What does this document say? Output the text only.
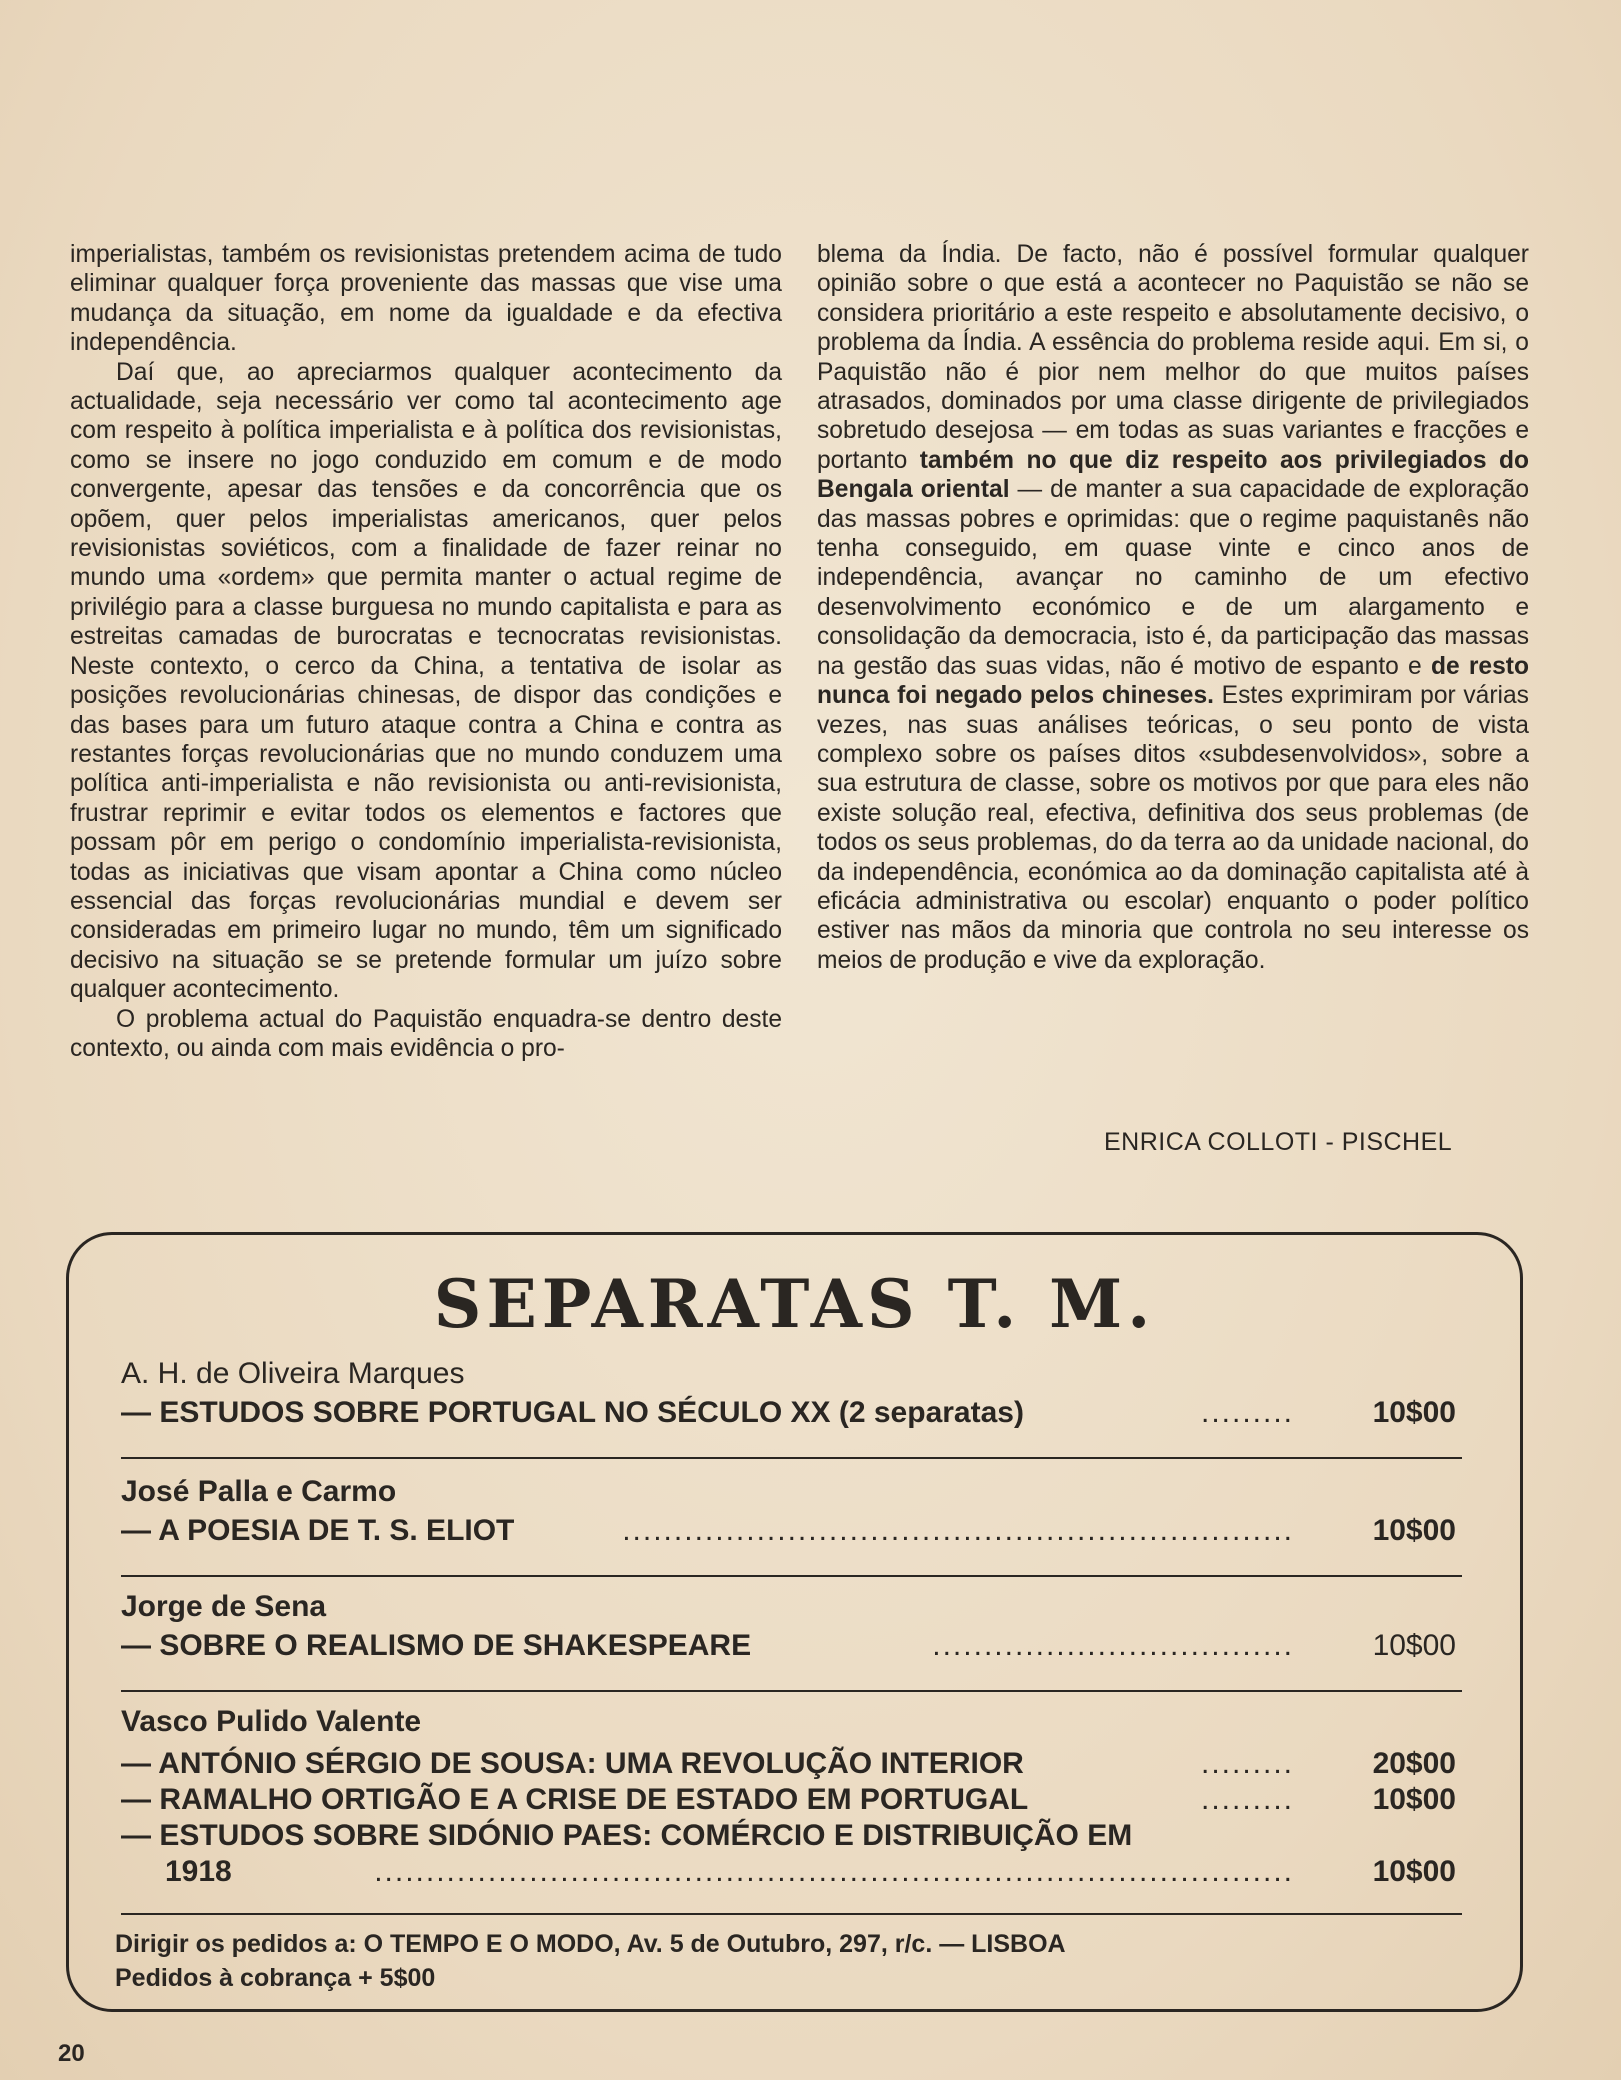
imperialistas, também os revisionistas pretendem acima de tudo eliminar qualquer força proveniente das massas que vise uma mudança da situação, em nome da igualdade e da efectiva independência.

Daí que, ao apreciarmos qualquer acontecimento da actualidade, seja necessário ver como tal acontecimento age com respeito à política imperialista e à política dos revisionistas, como se insere no jogo conduzido em comum e de modo convergente, apesar das tensões e da concorrência que os opõem, quer pelos imperialistas americanos, quer pelos revisionistas soviéticos, com a finalidade de fazer reinar no mundo uma «ordem» que permita manter o actual regime de privilégio para a classe burguesa no mundo capitalista e para as estreitas camadas de burocratas e tecnocratas revisionistas. Neste contexto, o cerco da China, a tentativa de isolar as posições revolucionárias chinesas, de dispor das condições e das bases para um futuro ataque contra a China e contra as restantes forças revolucionárias que no mundo conduzem uma política anti-imperialista e não revisionista ou anti-revisionista, frustrar reprimir e evitar todos os elementos e factores que possam pôr em perigo o condomínio imperialista-revisionista, todas as iniciativas que visam apontar a China como núcleo essencial das forças revolucionárias mundial e devem ser consideradas em primeiro lugar no mundo, têm um significado decisivo na situação se se pretende formular um juízo sobre qualquer acontecimento.

O problema actual do Paquistão enquadra-se dentro deste contexto, ou ainda com mais evidência o pro-

blema da Índia. De facto, não é possível formular qualquer opinião sobre o que está a acontecer no Paquistão se não se considera prioritário a este respeito e absolutamente decisivo, o problema da Índia. A essência do problema reside aqui. Em si, o Paquistão não é pior nem melhor do que muitos países atrasados, dominados por uma classe dirigente de privilegiados sobretudo desejosa — em todas as suas variantes e fracções e portanto também no que diz respeito aos privilegiados do Bengala oriental — de manter a sua capacidade de exploração das massas pobres e oprimidas: que o regime paquistanês não tenha conseguido, em quase vinte e cinco anos de independência, avançar no caminho de um efectivo desenvolvimento económico e de um alargamento e consolidação da democracia, isto é, da participação das massas na gestão das suas vidas, não é motivo de espanto e de resto nunca foi negado pelos chineses. Estes exprimiram por várias vezes, nas suas análises teóricas, o seu ponto de vista complexo sobre os países ditos «subdesenvolvidos», sobre a sua estrutura de classe, sobre os motivos por que para eles não existe solução real, efectiva, definitiva dos seus problemas (de todos os seus problemas, do da terra ao da unidade nacional, do da independência, económica ao da dominação capitalista até à eficácia administrativa ou escolar) enquanto o poder político estiver nas mãos da minoria que controla no seu interesse os meios de produção e vive da exploração.

ENRICA COLLOTI - PISCHEL
SEPARATAS T. M.
A. H. de Oliveira Marques
— ESTUDOS SOBRE PORTUGAL NO SÉCULO XX (2 separatas)	.........	10$00
José Palla e Carmo
— A POESIA DE T. S. ELIOT	.................................................................	10$00
Jorge de Sena
— SOBRE O REALISMO DE SHAKESPEARE	...................................	10$00
Vasco Pulido Valente
— ANTÓNIO SÉRGIO DE SOUSA: UMA REVOLUÇÃO INTERIOR	.........	20$00
— RAMALHO ORTIGÃO E A CRISE DE ESTADO EM PORTUGAL	.........	10$00
— ESTUDOS SOBRE SIDÓNIO PAES: COMÉRCIO E DISTRIBUIÇÃO EM
1918	.........................................................................................	10$00
Dirigir os pedidos a: O TEMPO E O MODO, Av. 5 de Outubro, 297, r/c. — LISBOA
Pedidos à cobrança + 5$00
20
